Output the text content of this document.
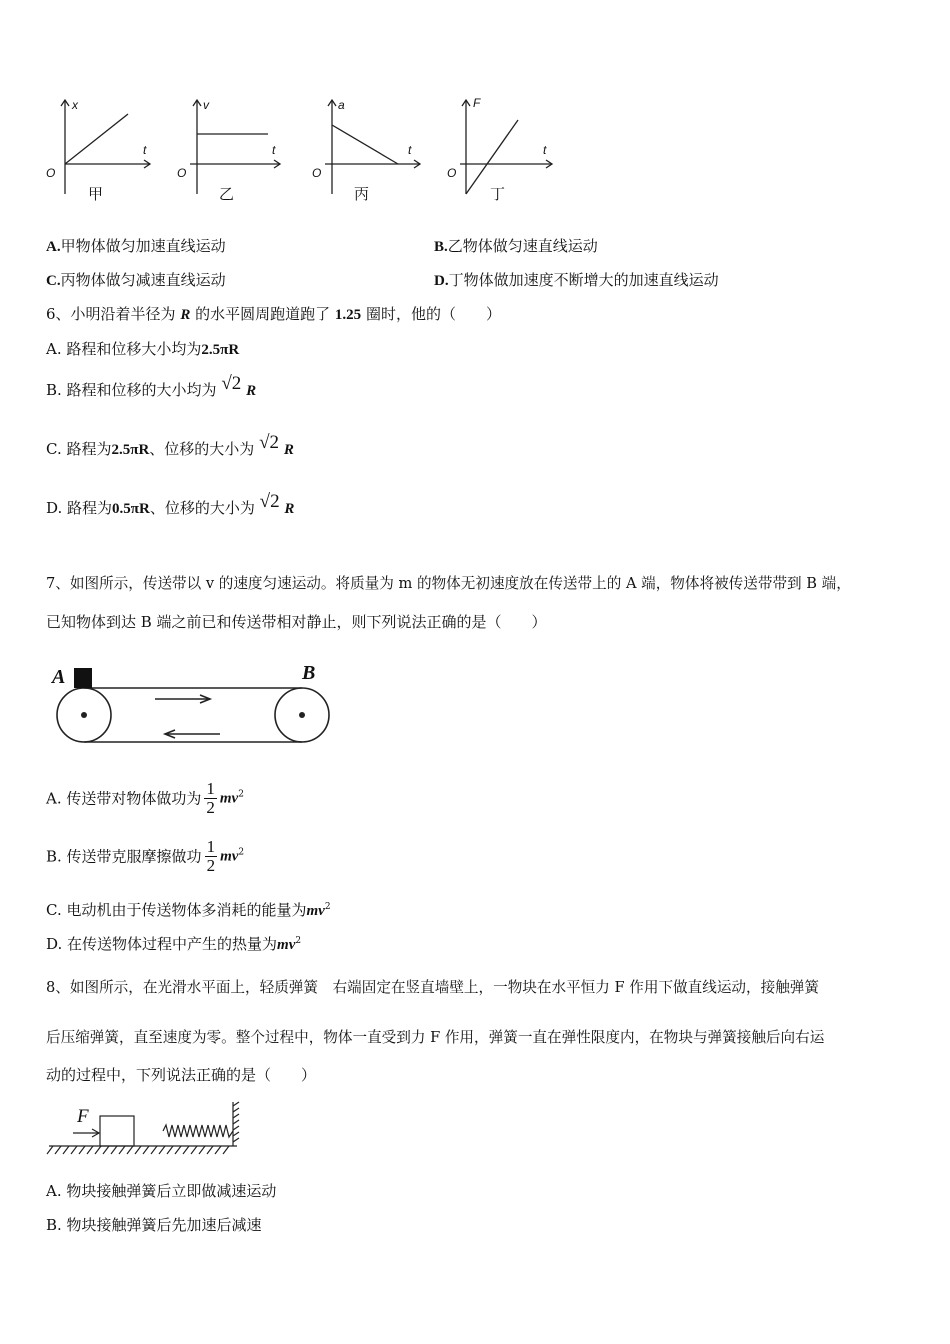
x
t
O
甲
v
t
O
乙
a
t
O
丙
F
t
O
丁
A.甲物体做匀加速直线运动	B.乙物体做匀速直线运动
C.丙物体做匀减速直线运动	D.丁物体做加速度不断增大的加速直线运动
6、小明沿着半径为 R 的水平圆周跑道跑了 1.25 圈时，他的（　　）
A. 路程和位移大小均为2.5πR
B. 路程和位移的大小均为 √2 R
C. 路程为2.5πR、位移的大小为 √2 R
D. 路程为0.5πR、位移的大小为 √2 R
7、如图所示，传送带以 v 的速度匀速运动。将质量为 m 的物体无初速度放在传送带上的 A 端，物体将被传送带带到 B 端，
已知物体到达 B 端之前已和传送带相对静止，则下列说法正确的是（　　）
A	B
A. 传送带对物体做功为 $\frac{1}{2} mv^2$
B. 传送带克服摩擦做功 $\frac{1}{2} mv^2$
C. 电动机由于传送物体多消耗的能量为$mv^2$
D. 在传送物体过程中产生的热量为$mv^2$
8、如图所示，在光滑水平面上，轻质弹簧　右端固定在竖直墙壁上，一物块在水平恒力 F 作用下做直线运动，接触弹簧
后压缩弹簧，直至速度为零。整个过程中，物体一直受到力 F 作用，弹簧一直在弹性限度内，在物块与弹簧接触后向右运
动的过程中，下列说法正确的是（　　）
F
A. 物块接触弹簧后立即做减速运动
B. 物块接触弹簧后先加速后减速
